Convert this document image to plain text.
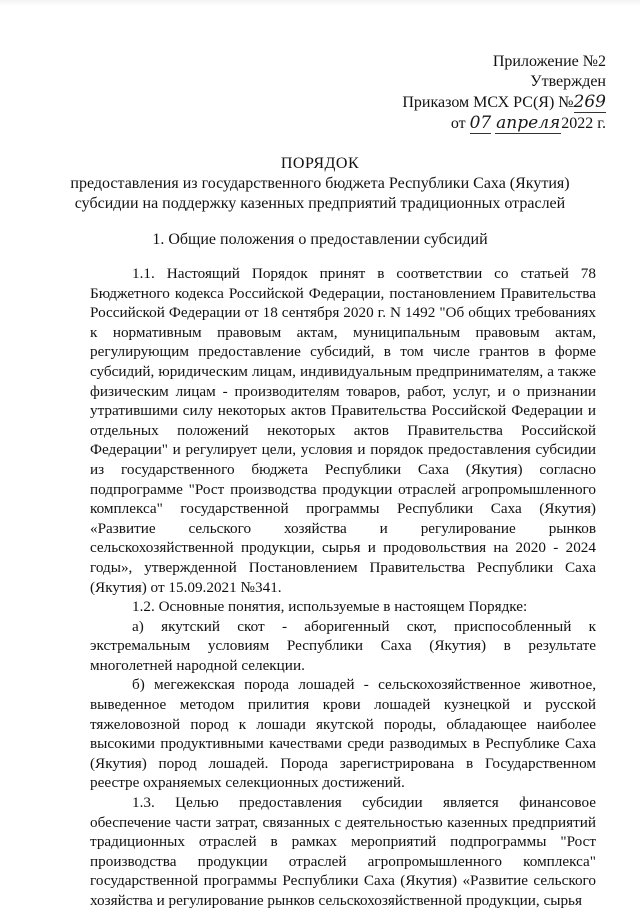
Приложение №2
Утвержден
Приказом МСХ РС(Я) №269
от 07 апреля2022 г.
ПОРЯДОК
предоставления из государственного бюджета Республики Саха (Якутия)
субсидии на поддержку казенных предприятий традиционных отраслей
1. Общие положения о предоставлении субсидий

1.1. Настоящий Порядок принят в соответствии со статьей 78 Бюджетного кодекса Российской Федерации, постановлением Правительства Российской Федерации от 18 сентября 2020 г. N 1492 "Об общих требованиях к нормативным правовым актам, муниципальным правовым актам, регулирующим предоставление субсидий, в том числе грантов в форме субсидий, юридическим лицам, индивидуальным предпринимателям, а также физическим лицам - производителям товаров, работ, услуг, и о признании утратившими силу некоторых актов Правительства Российской Федерации и отдельных положений некоторых актов Правительства Российской Федерации" и регулирует цели, условия и порядок предоставления субсидии из государственного бюджета Республики Саха (Якутия) согласно подпрограмме "Рост производства продукции отраслей агропромышленного комплекса" государственной программы Республики Саха (Якутия) «Развитие сельского хозяйства и регулирование рынков сельскохозяйственной продукции, сырья и продовольствия на 2020 - 2024 годы», утвержденной Постановлением Правительства Республики Саха (Якутия) от 15.09.2021 №341.

1.2. Основные понятия, используемые в настоящем Порядке:

а) якутский скот - аборигенный скот, приспособленный к экстремальным условиям Республики Саха (Якутия) в результате многолетней народной селекции.

б) мегежекская порода лошадей - сельскохозяйственное животное, выведенное методом прилития крови лошадей кузнецкой и русской тяжеловозной пород к лошади якутской породы, обладающее наиболее высокими продуктивными качествами среди разводимых в Республике Саха (Якутия) пород лошадей. Порода зарегистрирована в Государственном реестре охраняемых селекционных достижений.

1.3. Целью предоставления субсидии является финансовое обеспечение части затрат, связанных с деятельностью казенных предприятий традиционных отраслей в рамках мероприятий подпрограммы "Рост производства продукции отраслей агропромышленного комплекса" государственной программы Республики Саха (Якутия) «Развитие сельского хозяйства и регулирование рынков сельскохозяйственной продукции, сырья
